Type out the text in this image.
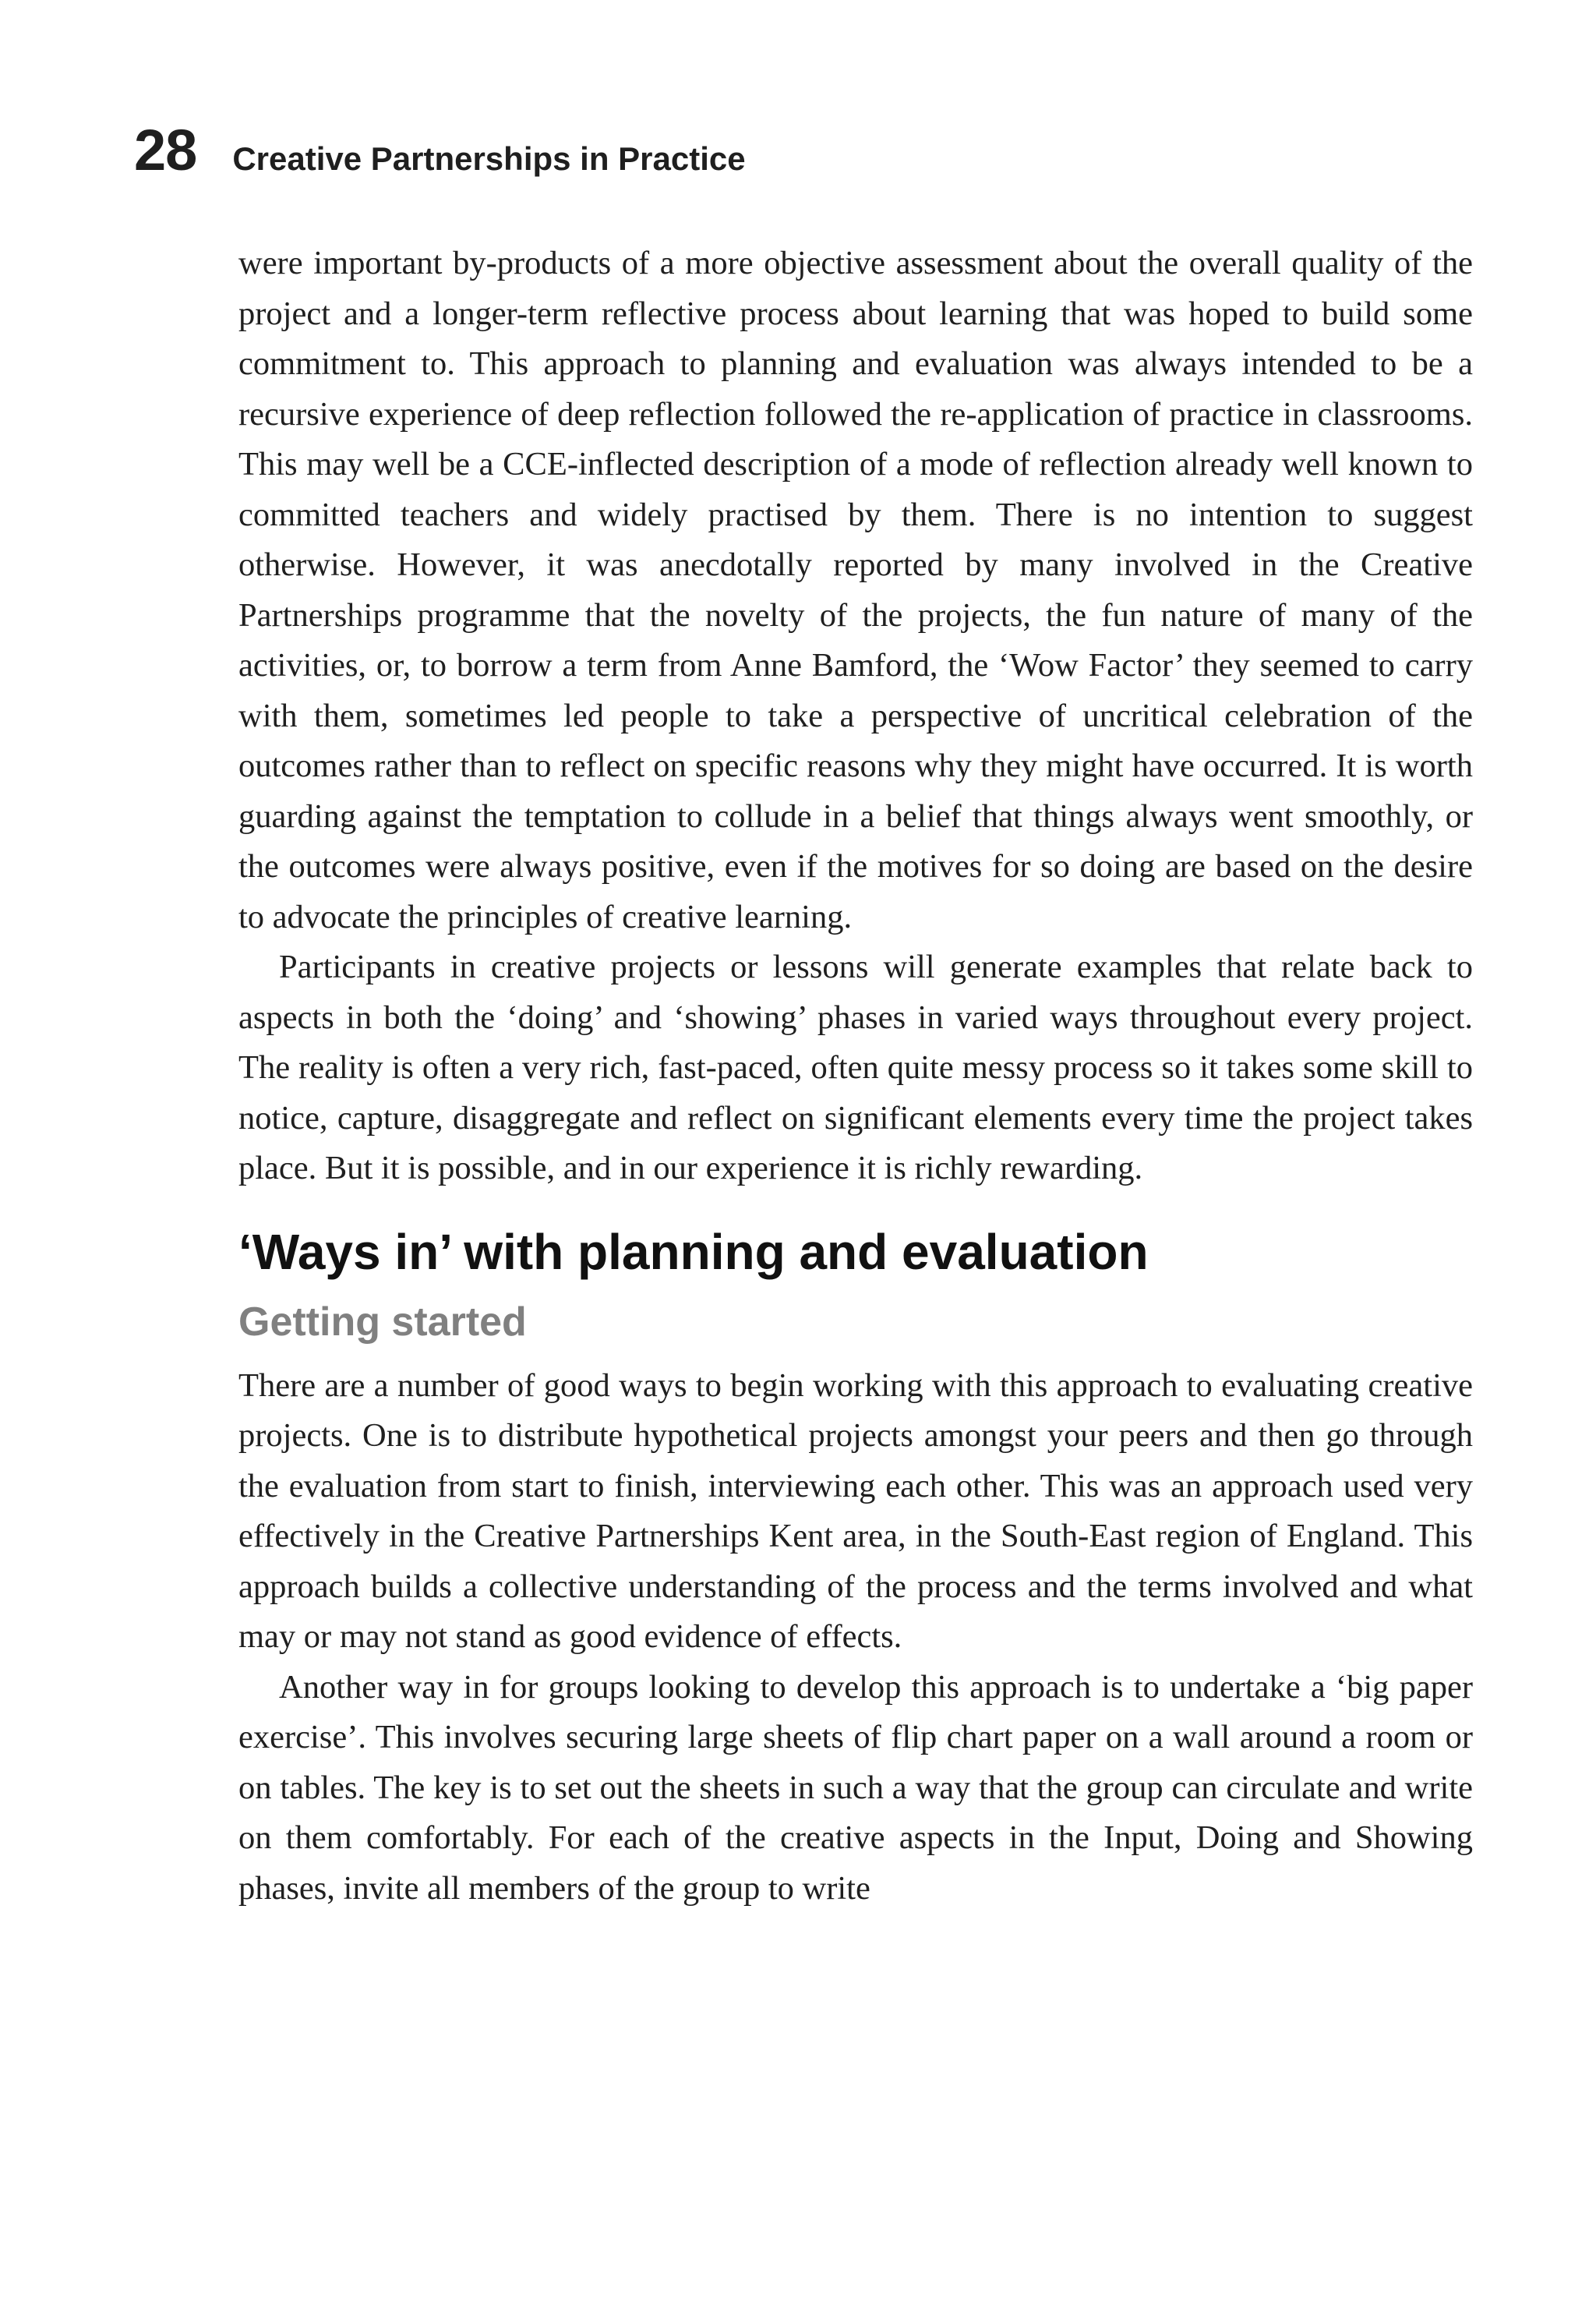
28 Creative Partnerships in Practice

were important by-products of a more objective assessment about the overall quality of the project and a longer-term reflective process about learning that was hoped to build some commitment to. This approach to planning and evaluation was always intended to be a recursive experience of deep reflection followed the re-application of practice in classrooms. This may well be a CCE-inflected description of a mode of reflection already well known to committed teachers and widely practised by them. There is no intention to suggest otherwise. However, it was anecdotally reported by many involved in the Creative Partnerships programme that the novelty of the projects, the fun nature of many of the activities, or, to borrow a term from Anne Bamford, the ‘Wow Factor’ they seemed to carry with them, sometimes led people to take a perspective of uncritical celebration of the outcomes rather than to reflect on specific reasons why they might have occurred. It is worth guarding against the temptation to collude in a belief that things always went smoothly, or the outcomes were always positive, even if the motives for so doing are based on the desire to advocate the principles of creative learning.

Participants in creative projects or lessons will generate examples that relate back to aspects in both the ‘doing’ and ‘showing’ phases in varied ways throughout every project. The reality is often a very rich, fast-paced, often quite messy process so it takes some skill to notice, capture, disaggregate and reflect on significant elements every time the project takes place. But it is possible, and in our experience it is richly rewarding.

‘Ways in’ with planning and evaluation
Getting started

There are a number of good ways to begin working with this approach to evaluating creative projects. One is to distribute hypothetical projects amongst your peers and then go through the evaluation from start to finish, interviewing each other. This was an approach used very effectively in the Creative Partnerships Kent area, in the South-East region of England. This approach builds a collective understanding of the process and the terms involved and what may or may not stand as good evidence of effects.

Another way in for groups looking to develop this approach is to undertake a ‘big paper exercise’. This involves securing large sheets of flip chart paper on a wall around a room or on tables. The key is to set out the sheets in such a way that the group can circulate and write on them comfortably. For each of the creative aspects in the Input, Doing and Showing phases, invite all members of the group to write
